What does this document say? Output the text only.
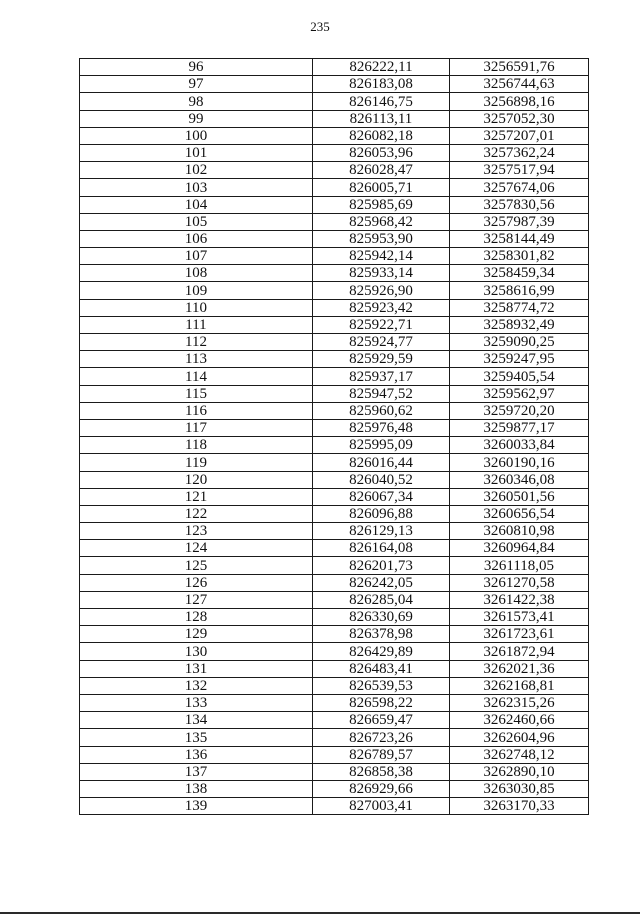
235
96	826222,11	3256591,76
97	826183,08	3256744,63
98	826146,75	3256898,16
99	826113,11	3257052,30
100	826082,18	3257207,01
101	826053,96	3257362,24
102	826028,47	3257517,94
103	826005,71	3257674,06
104	825985,69	3257830,56
105	825968,42	3257987,39
106	825953,90	3258144,49
107	825942,14	3258301,82
108	825933,14	3258459,34
109	825926,90	3258616,99
110	825923,42	3258774,72
111	825922,71	3258932,49
112	825924,77	3259090,25
113	825929,59	3259247,95
114	825937,17	3259405,54
115	825947,52	3259562,97
116	825960,62	3259720,20
117	825976,48	3259877,17
118	825995,09	3260033,84
119	826016,44	3260190,16
120	826040,52	3260346,08
121	826067,34	3260501,56
122	826096,88	3260656,54
123	826129,13	3260810,98
124	826164,08	3260964,84
125	826201,73	3261118,05
126	826242,05	3261270,58
127	826285,04	3261422,38
128	826330,69	3261573,41
129	826378,98	3261723,61
130	826429,89	3261872,94
131	826483,41	3262021,36
132	826539,53	3262168,81
133	826598,22	3262315,26
134	826659,47	3262460,66
135	826723,26	3262604,96
136	826789,57	3262748,12
137	826858,38	3262890,10
138	826929,66	3263030,85
139	827003,41	3263170,33
